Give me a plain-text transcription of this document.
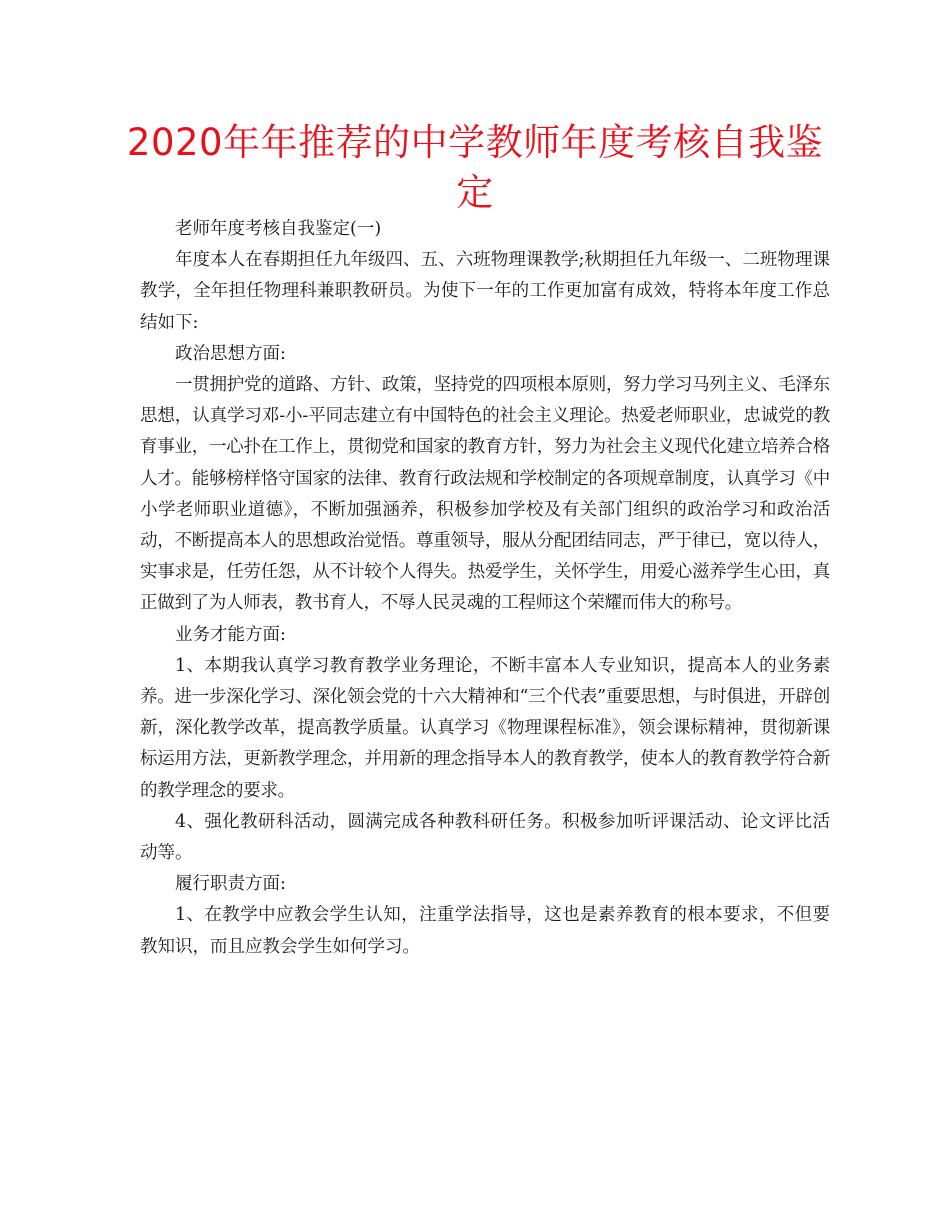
2020年年推荐的中学教师年度考核自我鉴定

老师年度考核自我鉴定(一)

年度本人在春期担任九年级四、五、六班物理课教学;秋期担任九年级一、二班物理课教学，全年担任物理科兼职教研员。为使下一年的工作更加富有成效，特将本年度工作总结如下:

政治思想方面:

一贯拥护党的道路、方针、政策，坚持党的四项根本原则，努力学习马列主义、毛泽东思想，认真学习邓-小-平同志建立有中国特色的社会主义理论。热爱老师职业，忠诚党的教育事业，一心扑在工作上，贯彻党和国家的教育方针，努力为社会主义现代化建立培养合格人才。能够榜样恪守国家的法律、教育行政法规和学校制定的各项规章制度，认真学习《中小学老师职业道德》，不断加强涵养，积极参加学校及有关部门组织的政治学习和政治活动，不断提高本人的思想政治觉悟。尊重领导，服从分配团结同志，严于律已，宽以待人，实事求是，任劳任怨，从不计较个人得失。热爱学生，关怀学生，用爱心滋养学生心田，真正做到了为人师表，教书育人，不辱人民灵魂的工程师这个荣耀而伟大的称号。

业务才能方面:

1、本期我认真学习教育教学业务理论，不断丰富本人专业知识，提高本人的业务素养。进一步深化学习、深化领会党的十六大精神和“三个代表”重要思想，与时俱进，开辟创新，深化教学改革，提高教学质量。认真学习《物理课程标准》，领会课标精神，贯彻新课标运用方法，更新教学理念，并用新的理念指导本人的教育教学，使本人的教育教学符合新的教学理念的要求。

4、强化教研科活动，圆满完成各种教科研任务。积极参加听评课活动、论文评比活动等。

履行职责方面:

1、在教学中应教会学生认知，注重学法指导，这也是素养教育的根本要求，不但要教知识，而且应教会学生如何学习。
